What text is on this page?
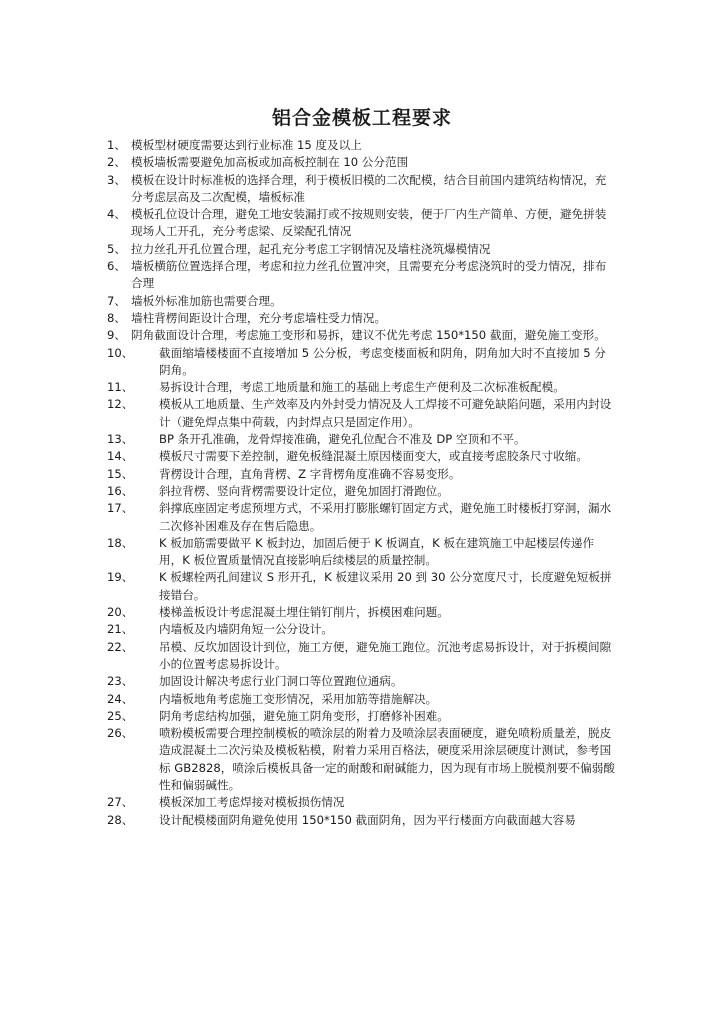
铝合金模板工程要求
1、 模板型材硬度需要达到行业标准 15 度及以上
2、 模板墙板需要避免加高板或加高板控制在 10 公分范围
3、 模板在设计时标准板的选择合理，利于模板旧模的二次配模，结合目前国内建筑结构情况，充分考虑层高及二次配模，墙板标准
4、 模板孔位设计合理，避免工地安装漏打或不按规则安装，便于厂内生产简单、方便，避免拼装现场人工开孔，充分考虑梁、反梁配孔情况
5、 拉力丝孔开孔位置合理，起孔充分考虑工字钢情况及墙柱浇筑爆模情况
6、 墙板横筋位置选择合理，考虑和拉力丝孔位置冲突，且需要充分考虑浇筑时的受力情况，排布合理
7、 墙板外标准加筋也需要合理。
8、 墙柱背楞间距设计合理，充分考虑墙柱受力情况。
9、 阴角截面设计合理，考虑施工变形和易拆，建议不优先考虑 150*150 截面，避免施工变形。
10、	截面缩墙楼楼面不直接增加 5 公分板，考虑变楼面板和阴角，阴角加大时不直接加 5 分阴角。
11、	易拆设计合理，考虑工地质量和施工的基础上考虑生产便利及二次标准板配模。
12、	模板从工地质量、生产效率及内外封受力情况及人工焊接不可避免缺陷问题，采用内封设计（避免焊点集中荷载，内封焊点只是固定作用）。
13、	BP 条开孔准确，龙骨焊接准确，避免孔位配合不准及 DP 空顶和不平。
14、	模板尺寸需要下差控制，避免板缝混凝土原因楼面变大，或直接考虑胶条尺寸收缩。
15、	背楞设计合理，直角背楞、Z 字背楞角度准确不容易变形。
16、	斜拉背楞、竖向背楞需要设计定位，避免加固打滑跑位。
17、	斜撑底座固定考虑预埋方式，不采用打膨胀螺钉固定方式，避免施工时楼板打穿洞，漏水二次修补困难及存在售后隐患。
18、	K 板加筋需要做平 K 板封边，加固后便于 K 板调直，K 板在建筑施工中起楼层传递作用，K 板位置质量情况直接影响后续楼层的质量控制。
19、	K 板螺栓两孔间建议 S 形开孔，K 板建议采用 20 到 30 公分宽度尺寸，长度避免短板拼接错台。
20、	楼梯盖板设计考虑混凝土埋住销钉削片，拆模困难问题。
21、	内墙板及内墙阴角短一公分设计。
22、	吊模、反坎加固设计到位，施工方便，避免施工跑位。沉池考虑易拆设计，对于拆模间隙小的位置考虑易拆设计。
23、	加固设计解决考虑行业门洞口等位置跑位通病。
24、	内墙板地角考虑施工变形情况，采用加筋等措施解决。
25、	阴角考虑结构加强，避免施工阴角变形，打磨修补困难。
26、	喷粉模板需要合理控制模板的喷涂层的附着力及喷涂层表面硬度，避免喷粉质量差，脱皮造成混凝土二次污染及模板粘模，附着力采用百格法，硬度采用涂层硬度计测试，参考国标 GB2828，喷涂后模板具备一定的耐酸和耐碱能力，因为现有市场上脱模剂要不偏弱酸性和偏弱碱性。
27、	模板深加工考虑焊接对模板损伤情况
28、	设计配模楼面阴角避免使用 150*150 截面阴角，因为平行楼面方向截面越大容易
